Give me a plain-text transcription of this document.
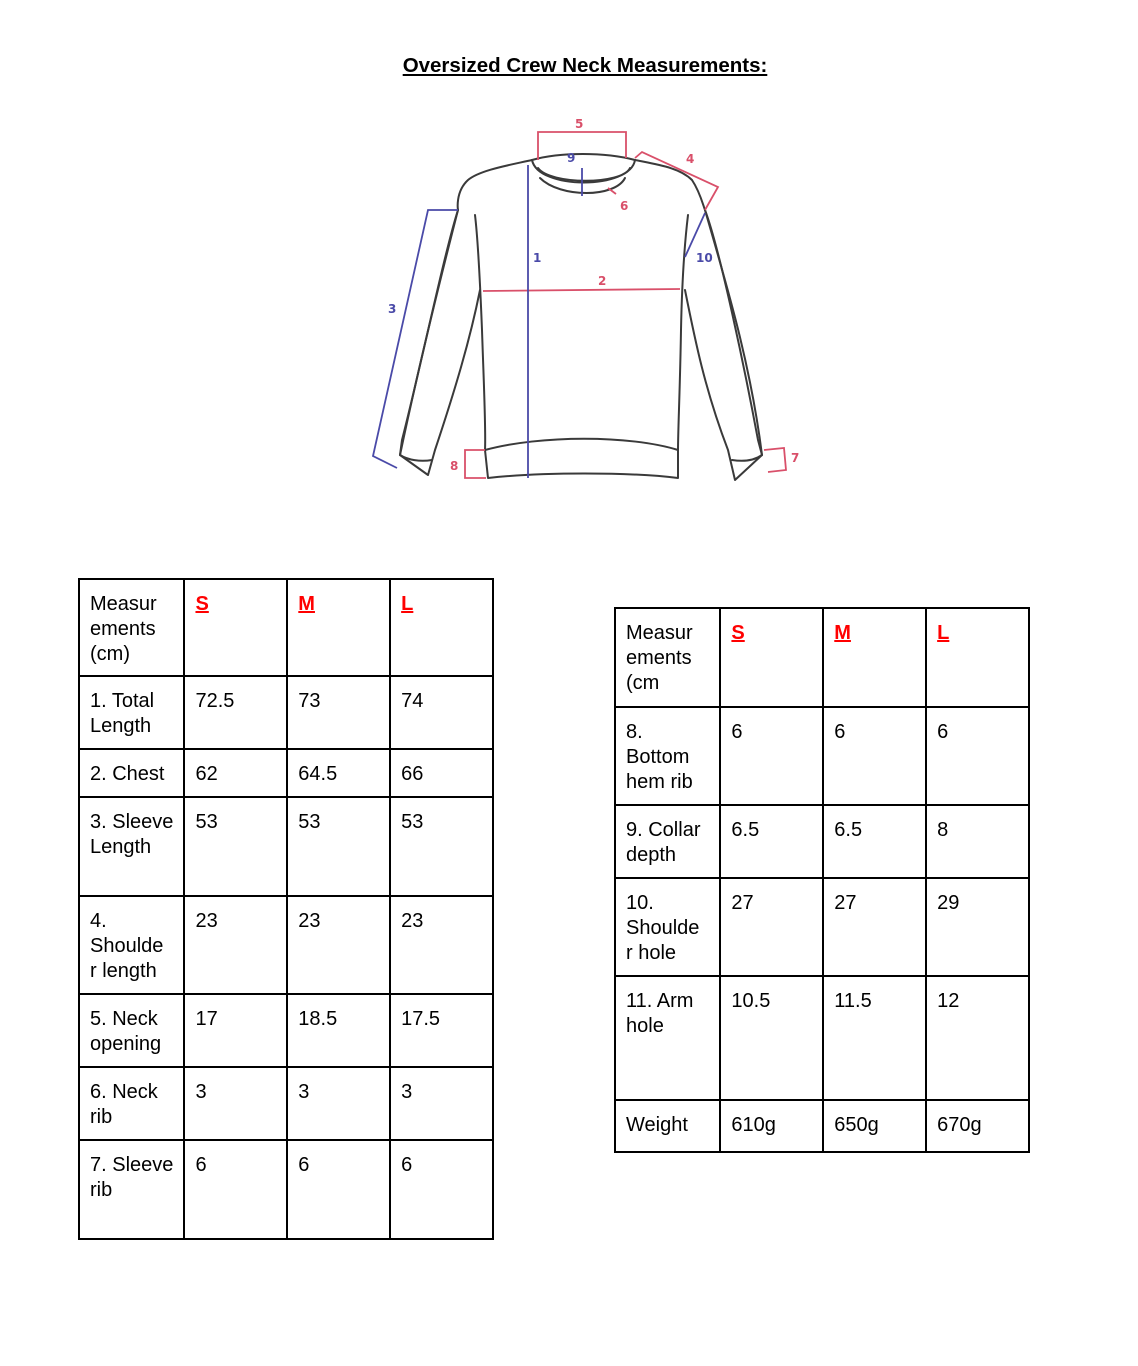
Oversized Crew Neck Measurements:
5
9	4
6
1	10
2
3
8
7
Measur ements (cm)	S	M	L
1. Total Length	72.5	73	74
2. Chest	62	64.5	66
3. Sleeve Length	53	53	53
4. Shoulde r length	23	23	23
5. Neck opening	17	18.5	17.5
6. Neck rib	3	3	3
7. Sleeve rib	6	6	6
Measur ements (cm	S	M	L
8. Bottom hem rib	6	6	6
9. Collar depth	6.5	6.5	8
10. Shoulde r hole	27	27	29
11. Arm hole	10.5	11.5	12
Weight	610g	650g	670g
